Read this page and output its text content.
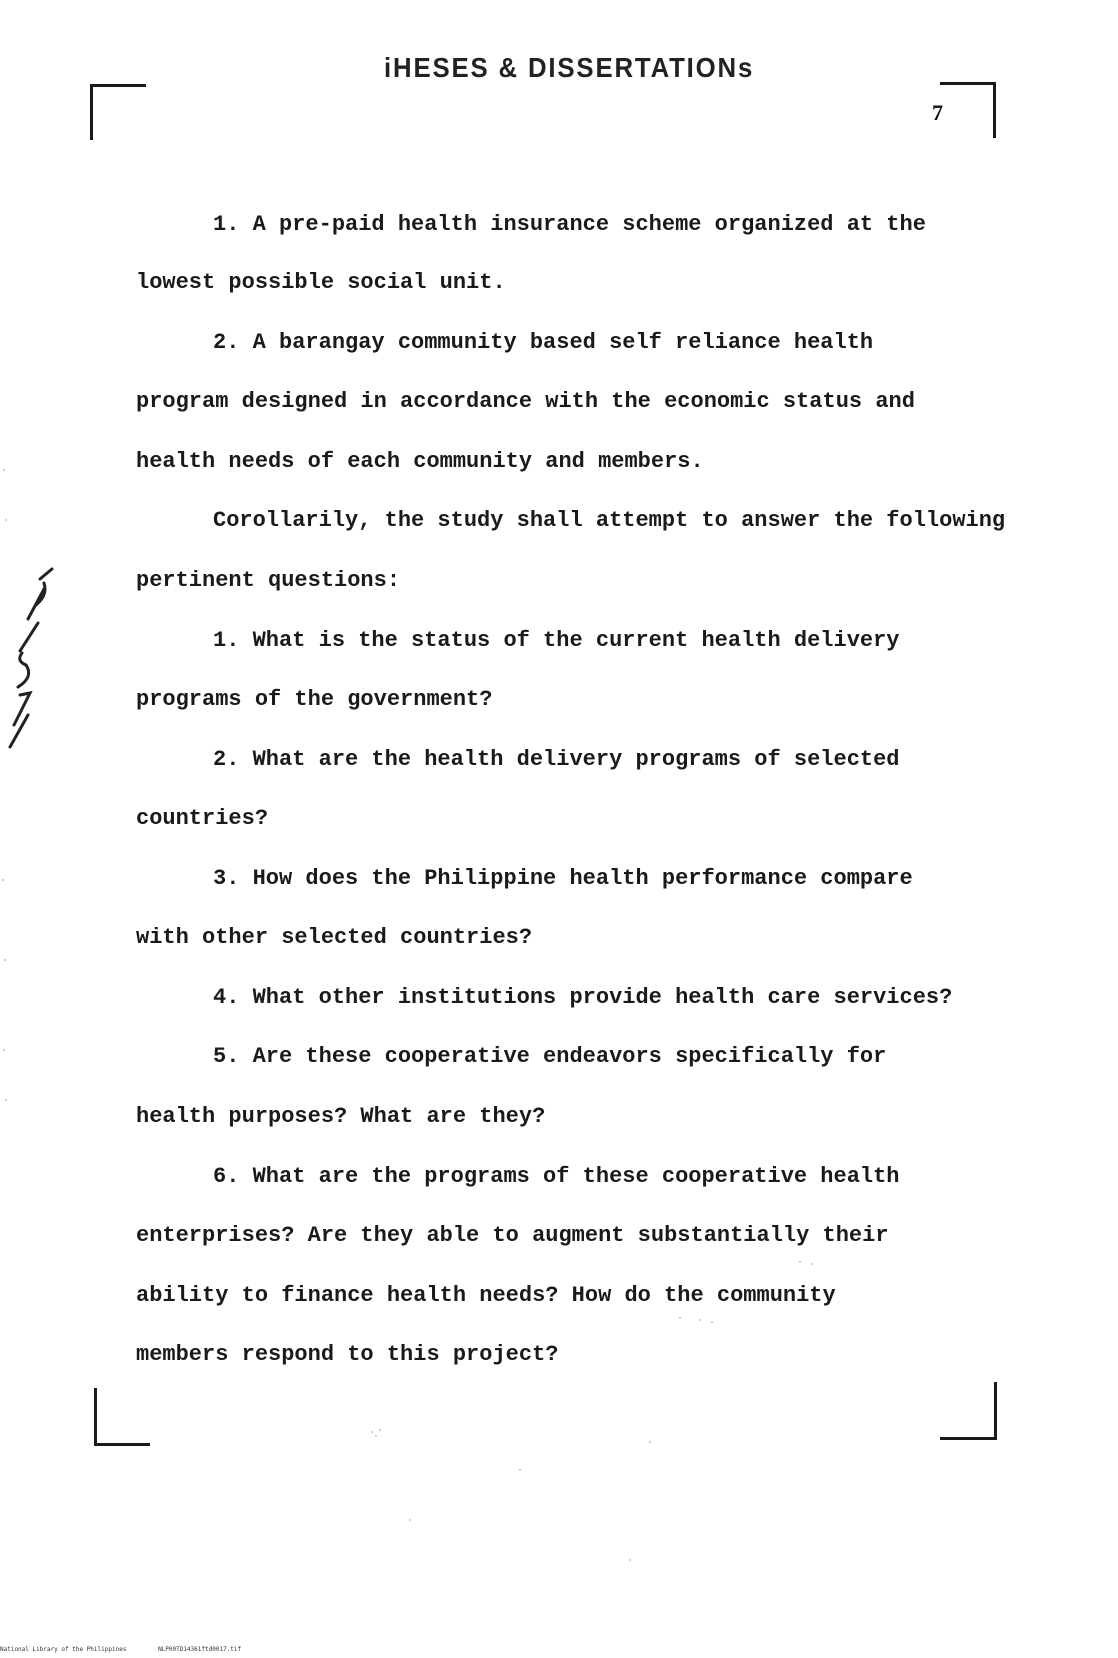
iHESES & DISSERTATIONs
7
1. A pre-paid health insurance scheme organized at the
lowest possible social unit.
2. A barangay community based self reliance health
program designed in accordance with the economic status and
health needs of each community and members.
Corollarily, the study shall attempt to answer the following
pertinent questions:
1. What is the status of the current health delivery
programs of the government?
2. What are the health delivery programs of selected
countries?
3. How does the Philippine health performance compare
with other selected countries?
4. What other institutions provide health care services?
5. Are these cooperative endeavors specifically for
health purposes? What are they?
6. What are the programs of these cooperative health
enterprises? Are they able to augment substantially their
ability to finance health needs? How do the community
members respond to this project?
National Library of the Philippines	NLP00TD14361ftd0017.tif
